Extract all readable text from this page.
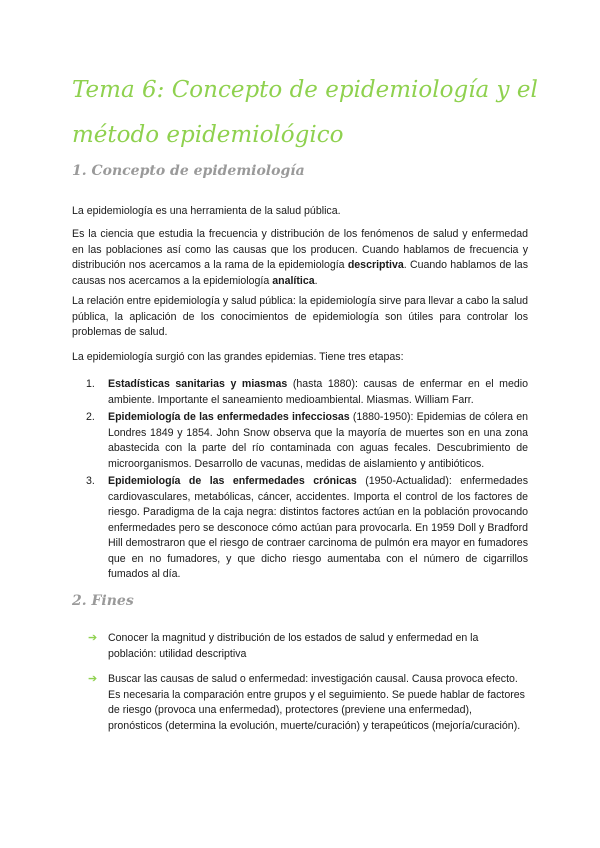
Tema 6: Concepto de epidemiología y el método epidemiológico
1. Concepto de epidemiología

La epidemiología es una herramienta de la salud pública.

Es la ciencia que estudia la frecuencia y distribución de los fenómenos de salud y enfermedad en las poblaciones así como las causas que los producen. Cuando hablamos de frecuencia y distribución nos acercamos a la rama de la epidemiología descriptiva. Cuando hablamos de las causas nos acercamos a la epidemiología analítica.

La relación entre epidemiología y salud pública: la epidemiología sirve para llevar a cabo la salud pública, la aplicación de los conocimientos de epidemiología son útiles para controlar los problemas de salud.

La epidemiología surgió con las grandes epidemias. Tiene tres etapas:

1. Estadísticas sanitarias y miasmas (hasta 1880): causas de enfermar en el medio ambiente. Importante el saneamiento medioambiental. Miasmas. William Farr.
2. Epidemiología de las enfermedades infecciosas (1880-1950): Epidemias de cólera en Londres 1849 y 1854. John Snow observa que la mayoría de muertes son en una zona abastecida con la parte del río contaminada con aguas fecales. Descubrimiento de microorganismos. Desarrollo de vacunas, medidas de aislamiento y antibióticos.
3. Epidemiología de las enfermedades crónicas (1950-Actualidad): enfermedades cardiovasculares, metabólicas, cáncer, accidentes. Importa el control de los factores de riesgo. Paradigma de la caja negra: distintos factores actúan en la población provocando enfermedades pero se desconoce cómo actúan para provocarla. En 1959 Doll y Bradford Hill demostraron que el riesgo de contraer carcinoma de pulmón era mayor en fumadores que en no fumadores, y que dicho riesgo aumentaba con el número de cigarrillos fumados al día.
2. Fines
➔ Conocer la magnitud y distribución de los estados de salud y enfermedad en la población: utilidad descriptiva
➔ Buscar las causas de salud o enfermedad: investigación causal. Causa provoca efecto. Es necesaria la comparación entre grupos y el seguimiento. Se puede hablar de factores de riesgo (provoca una enfermedad), protectores (previene una enfermedad), pronósticos (determina la evolución, muerte/curación) y terapeúticos (mejoría/curación).
